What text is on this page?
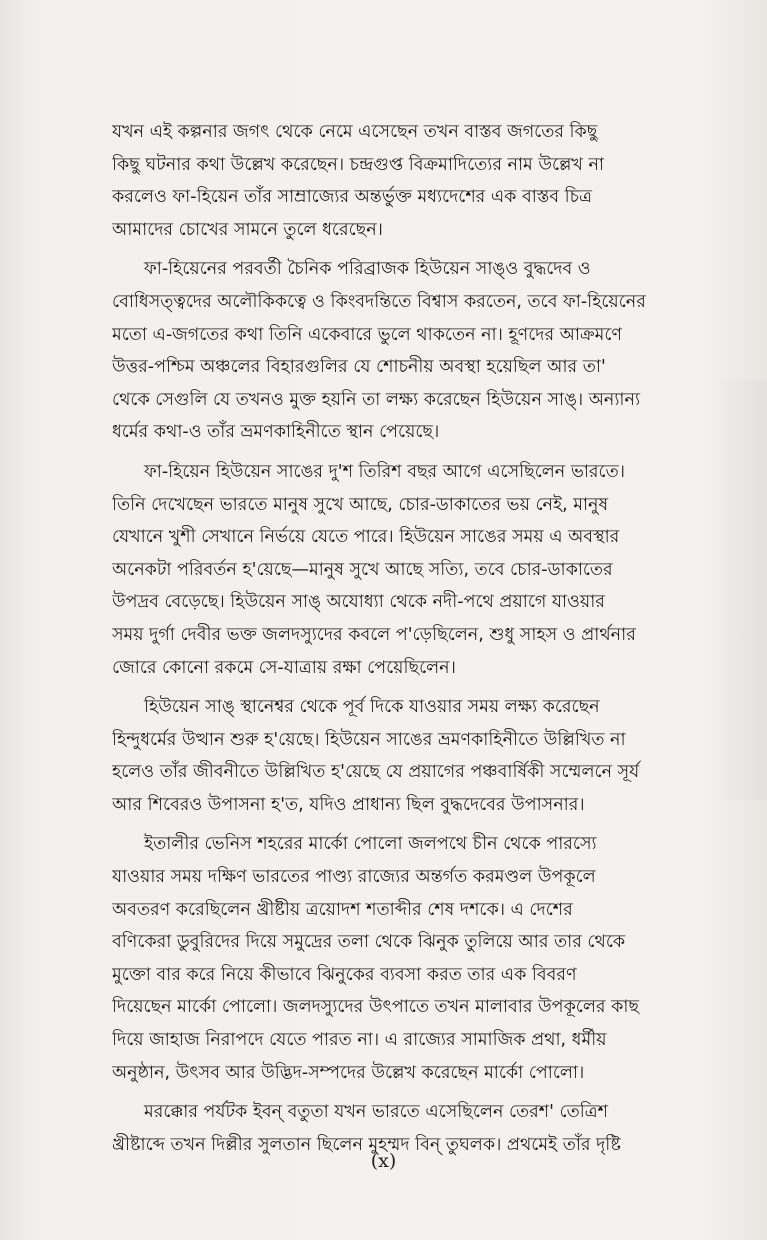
যখন এই কল্পনার জগৎ থেকে নেমে এসেছেন তখন বাস্তব জগতের কিছু
কিছু ঘটনার কথা উল্লেখ করেছেন। চন্দ্রগুপ্ত বিক্রমাদিত্যের নাম উল্লেখ না
করলেও ফা-হিয়েন তাঁর সাম্রাজ্যের অন্তর্ভুক্ত মধ্যদেশের এক বাস্তব চিত্র
আমাদের চোখের সামনে তুলে ধরেছেন।
ফা-হিয়েনের পরবর্তী চৈনিক পরিব্রাজক হিউয়েন সাঙ্ও বুদ্ধদেব ও
বোধিসত্ত্বদের অলৌকিকত্বে ও কিংবদন্তিতে বিশ্বাস করতেন, তবে ফা-হিয়েনের
মতো এ-জগতের কথা তিনি একেবারে ভুলে থাকতেন না। হূণদের আক্রমণে
উত্তর-পশ্চিম অঞ্চলের বিহারগুলির যে শোচনীয় অবস্থা হয়েছিল আর তা'
থেকে সেগুলি যে তখনও মুক্ত হয়নি তা লক্ষ্য করেছেন হিউয়েন সাঙ্। অন্যান্য
ধর্মের কথা-ও তাঁর ভ্রমণকাহিনীতে স্থান পেয়েছে।
ফা-হিয়েন হিউয়েন সাঙের দু'শ তিরিশ বছর আগে এসেছিলেন ভারতে।
তিনি দেখেছেন ভারতে মানুষ সুখে আছে, চোর-ডাকাতের ভয় নেই, মানুষ
যেখানে খুশী সেখানে নির্ভয়ে যেতে পারে। হিউয়েন সাঙের সময় এ অবস্থার
অনেকটা পরিবর্তন হ'য়েছে—মানুষ সুখে আছে সত্যি, তবে চোর-ডাকাতের
উপদ্রব বেড়েছে। হিউয়েন সাঙ্ অযোধ্যা থেকে নদী-পথে প্রয়াগে যাওয়ার
সময় দুর্গা দেবীর ভক্ত জলদস্যুদের কবলে প'ড়েছিলেন, শুধু সাহস ও প্রার্থনার
জোরে কোনো রকমে সে-যাত্রায় রক্ষা পেয়েছিলেন।
হিউয়েন সাঙ্ স্থানেশ্বর থেকে পূর্ব দিকে যাওয়ার সময় লক্ষ্য করেছেন
হিন্দুধর্মের উত্থান শুরু হ'য়েছে। হিউয়েন সাঙের ভ্রমণকাহিনীতে উল্লিখিত না
হলেও তাঁর জীবনীতে উল্লিখিত হ'য়েছে যে প্রয়াগের পঞ্চবার্ষিকী সম্মেলনে সূর্য
আর শিবেরও উপাসনা হ'ত, যদিও প্রাধান্য ছিল বুদ্ধদেবের উপাসনার।
ইতালীর ভেনিস শহরের মার্কো পোলো জলপথে চীন থেকে পারস্যে
যাওয়ার সময় দক্ষিণ ভারতের পাণ্ড্য রাজ্যের অন্তর্গত করমণ্ডল উপকূলে
অবতরণ করেছিলেন খ্রীষ্টীয় ত্রয়োদশ শতাব্দীর শেষ দশকে। এ দেশের
বণিকেরা ডুবুরিদের দিয়ে সমুদ্রের তলা থেকে ঝিনুক তুলিয়ে আর তার থেকে
মুক্তো বার করে নিয়ে কীভাবে ঝিনুকের ব্যবসা করত তার এক বিবরণ
দিয়েছেন মার্কো পোলো। জলদস্যুদের উৎপাতে তখন মালাবার উপকূলের কাছ
দিয়ে জাহাজ নিরাপদে যেতে পারত না। এ রাজ্যের সামাজিক প্রথা, ধর্মীয়
অনুষ্ঠান, উৎসব আর উদ্ভিদ-সম্পদের উল্লেখ করেছেন মার্কো পোলো।
মরক্কোর পর্যটক ইবন্ বতুতা যখন ভারতে এসেছিলেন তেরশ' তেত্রিশ
খ্রীষ্টাব্দে তখন দিল্লীর সুলতান ছিলেন মুহম্মদ বিন্ তুঘলক। প্রথমেই তাঁর দৃষ্টি
(x)
